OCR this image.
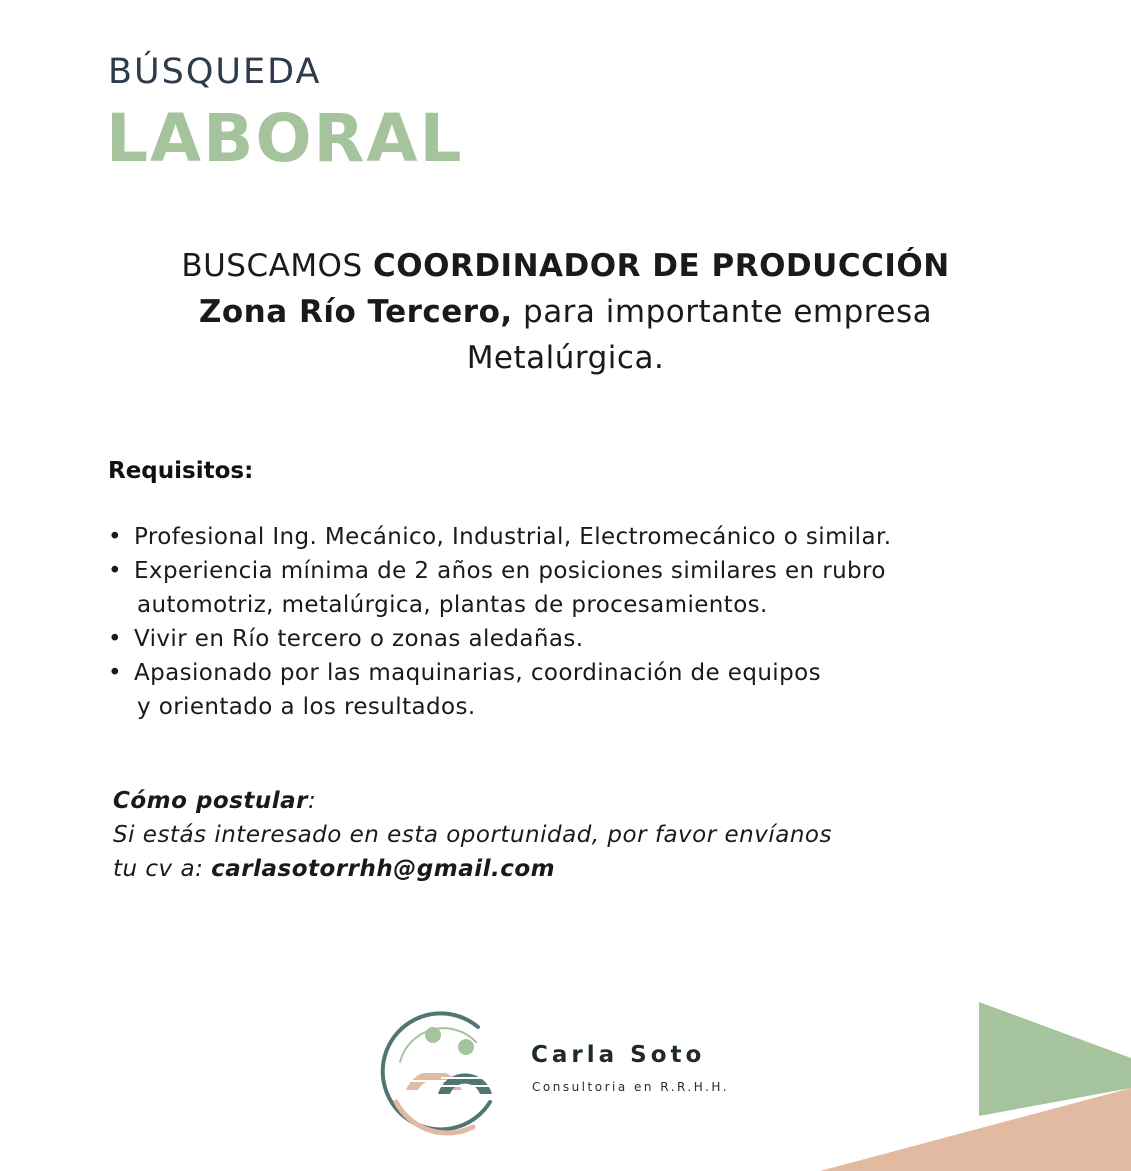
BÚSQUEDA
LABORAL
BUSCAMOS COORDINADOR DE PRODUCCIÓN
Zona Río Tercero, para importante empresa
Metalúrgica.
Requisitos:
• Profesional Ing. Mecánico, Industrial, Electromecánico o similar.
• Experiencia mínima de 2 años en posiciones similares en rubro
automotriz, metalúrgica, plantas de procesamientos.
• Vivir en Río tercero o zonas aledañas.
• Apasionado por las maquinarias, coordinación de equipos
y orientado a los resultados.
Cómo postular:
Si estás interesado en esta oportunidad, por favor envíanos
tu cv a: carlasotorrhh@gmail.com
Carla Soto
Consultoria en R.R.H.H.
